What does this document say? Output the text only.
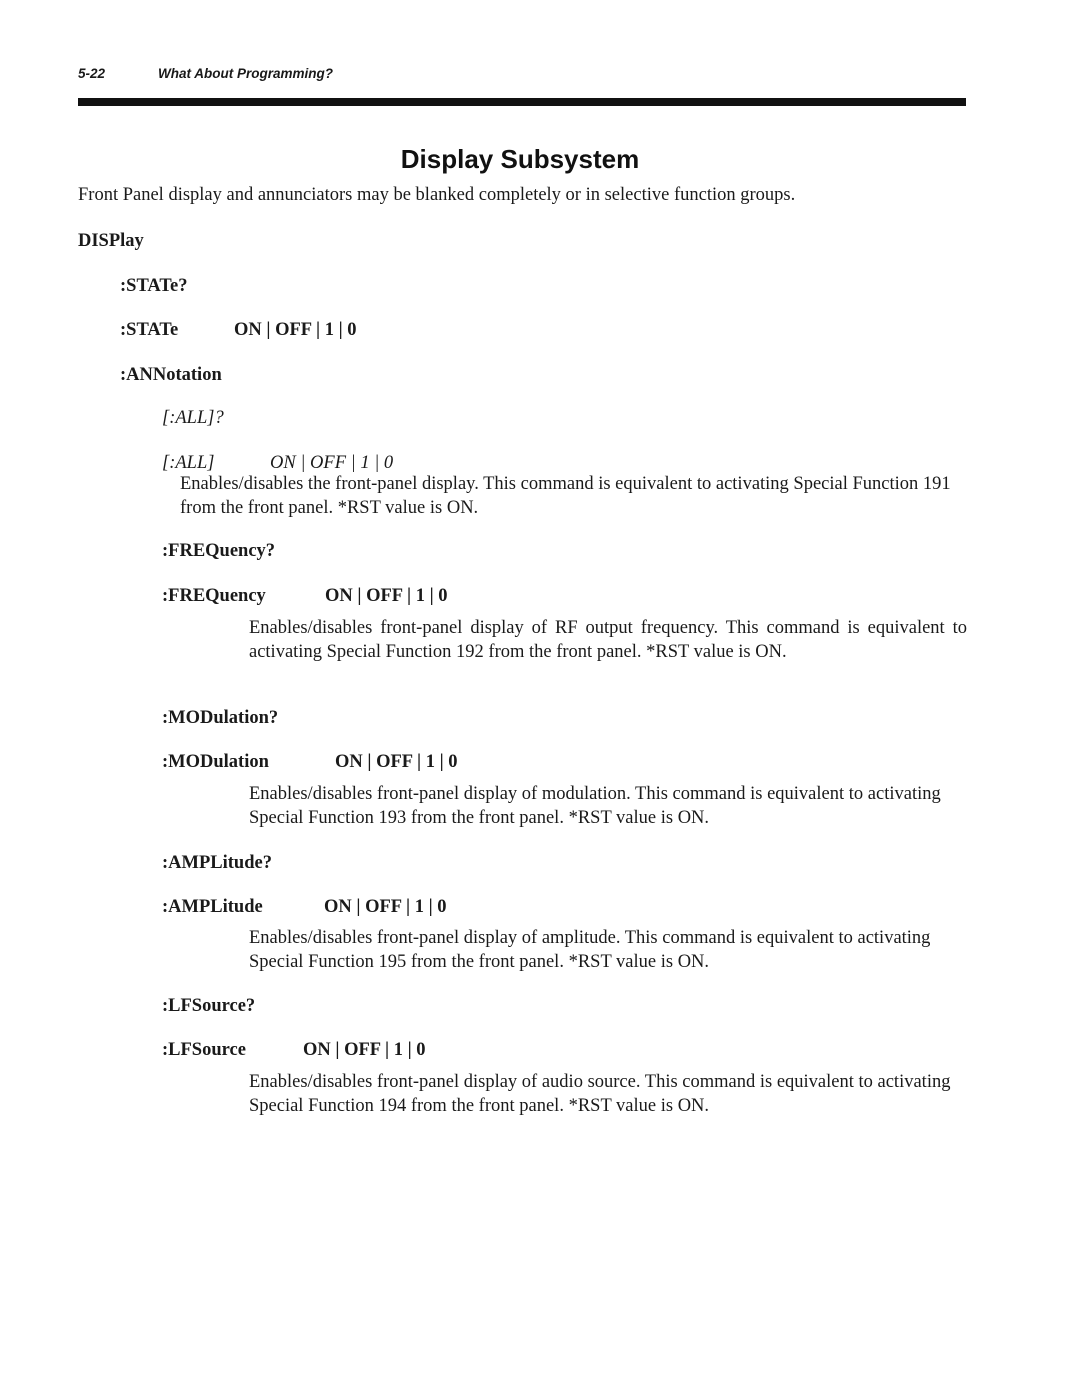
5-22	What About Programming?
Display Subsystem

Front Panel display and annunciators may be blanked completely or in selective function groups.

DISPlay

:STATe?

:STATe	ON | OFF | 1 | 0

:ANNotation

[:ALL]?

[:ALL]	ON | OFF | 1 | 0

Enables/disables the front-panel display. This command is equivalent to activating Special Function 191 from the front panel. *RST value is ON.

:FREQuency?

:FREQuency	ON | OFF | 1 | 0

Enables/disables front-panel display of RF output frequency. This command is equivalent to activating Special Function 192 from the front panel. *RST value is ON.

:MODulation?

:MODulation	ON | OFF | 1 | 0

Enables/disables front-panel display of modulation. This command is equivalent to activating Special Function 193 from the front panel. *RST value is ON.

:AMPLitude?

:AMPLitude	ON | OFF | 1 | 0

Enables/disables front-panel display of amplitude. This command is equivalent to activating Special Function 195 from the front panel. *RST value is ON.

:LFSource?

:LFSource	ON | OFF | 1 | 0

Enables/disables front-panel display of audio source. This command is equivalent to activating Special Function 194 from the front panel. *RST value is ON.
